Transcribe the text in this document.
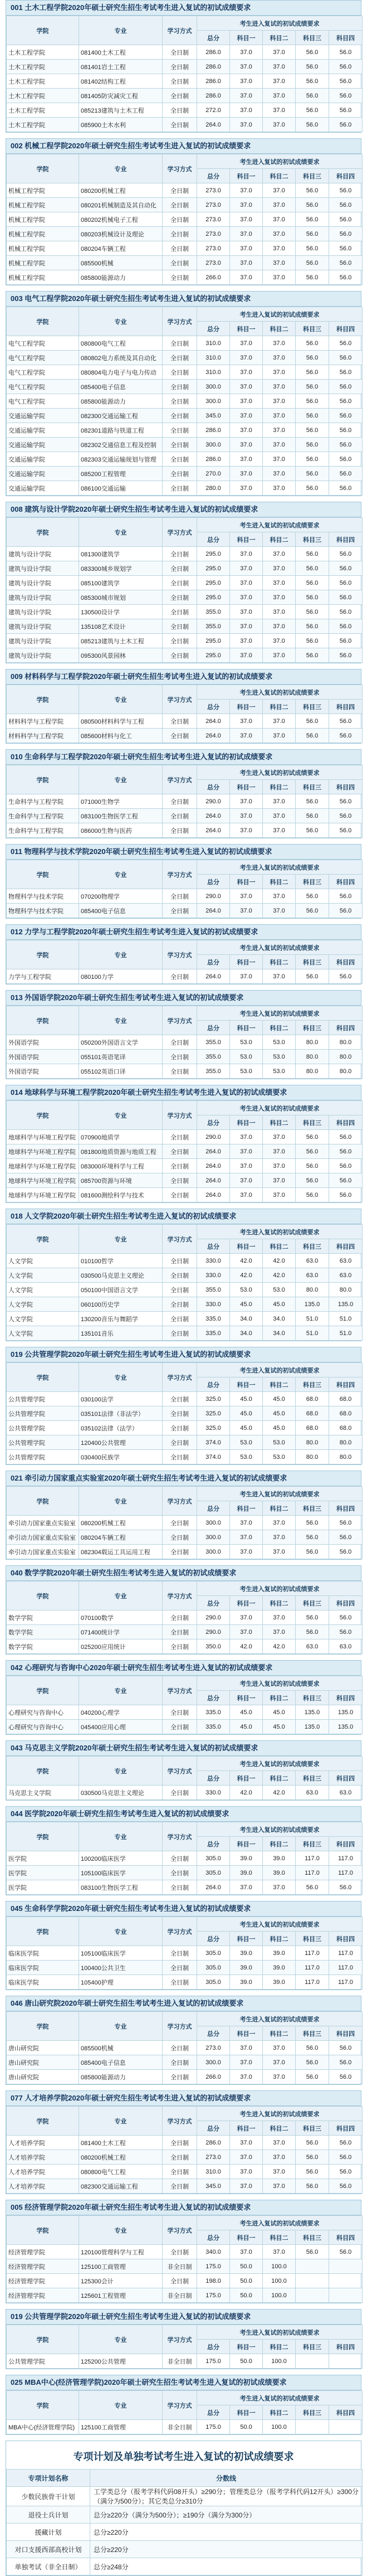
001 土木工程学院2020年硕士研究生招生考试考生进入复试的初试成绩要求
学院	专业	学习方式	考生进入复试的初试成绩要求				
			总分	科目一	科目二	科目三	科目四
土木工程学院	081400土木工程	全日制	286.0	37.0	37.0	56.0	56.0
土木工程学院	081401岩土工程	全日制	286.0	37.0	37.0	56.0	56.0
土木工程学院	081402结构工程	全日制	286.0	37.0	37.0	56.0	56.0
土木工程学院	081405防灾减灾工程	全日制	286.0	37.0	37.0	56.0	56.0
土木工程学院	085213建筑与土木工程	全日制	272.0	37.0	37.0	56.0	56.0
土木工程学院	085900土木水利	全日制	264.0	37.0	37.0	56.0	56.0
002 机械工程学院2020年硕士研究生招生考试考生进入复试的初试成绩要求
学院	专业	学习方式	考生进入复试的初试成绩要求				
			总分	科目一	科目二	科目三	科目四
机械工程学院	080200机械工程	全日制	273.0	37.0	37.0	56.0	56.0
机械工程学院	080201机械制造及其自动化	全日制	273.0	37.0	37.0	56.0	56.0
机械工程学院	080202机械电子工程	全日制	273.0	37.0	37.0	56.0	56.0
机械工程学院	080203机械设计及理论	全日制	273.0	37.0	37.0	56.0	56.0
机械工程学院	080204车辆工程	全日制	273.0	37.0	37.0	56.0	56.0
机械工程学院	085500机械	全日制	273.0	37.0	37.0	56.0	56.0
机械工程学院	085800能源动力	全日制	266.0	37.0	37.0	56.0	56.0
003 电气工程学院2020年硕士研究生招生考试考生进入复试的初试成绩要求
学院	专业	学习方式	考生进入复试的初试成绩要求				
			总分	科目一	科目二	科目三	科目四
电气工程学院	080800电气工程	全日制	310.0	37.0	37.0	56.0	56.0
电气工程学院	080802电力系统及其自动化	全日制	310.0	37.0	37.0	56.0	56.0
电气工程学院	080804电力电子与电力传动	全日制	310.0	37.0	37.0	56.0	56.0
电气工程学院	085400电子信息	全日制	300.0	37.0	37.0	56.0	56.0
电气工程学院	085800能源动力	全日制	300.0	37.0	37.0	56.0	56.0
交通运输学院	082300交通运输工程	全日制	345.0	37.0	37.0	56.0	56.0
交通运输学院	082301道路与铁道工程	全日制	286.0	37.0	37.0	56.0	56.0
交通运输学院	082302交通信息工程及控制	全日制	300.0	37.0	37.0	56.0	56.0
交通运输学院	082303交通运输规划与管理	全日制	286.0	37.0	37.0	56.0	56.0
交通运输学院	085200工程管理	全日制	270.0	37.0	37.0	56.0	56.0
交通运输学院	086100交通运输	全日制	280.0	37.0	37.0	56.0	56.0
008 建筑与设计学院2020年硕士研究生招生考试考生进入复试的初试成绩要求
学院	专业	学习方式	考生进入复试的初试成绩要求				
			总分	科目一	科目二	科目三	科目四
建筑与设计学院	081300建筑学	全日制	295.0	37.0	37.0	56.0	56.0
建筑与设计学院	083300城乡规划学	全日制	295.0	37.0	37.0	56.0	56.0
建筑与设计学院	085100建筑学	全日制	295.0	37.0	37.0	56.0	56.0
建筑与设计学院	085300城市规划	全日制	295.0	37.0	37.0	56.0	56.0
建筑与设计学院	130500设计学	全日制	355.0	37.0	37.0	56.0	56.0
建筑与设计学院	135108艺术设计	全日制	355.0	37.0	37.0	56.0	56.0
建筑与设计学院	085213建筑与土木工程	全日制	295.0	37.0	37.0	56.0	56.0
建筑与设计学院	095300风景园林	全日制	295.0	37.0	37.0	56.0	56.0
009 材料科学与工程学院2020年硕士研究生招生考试考生进入复试的初试成绩要求
学院	专业	学习方式	考生进入复试的初试成绩要求				
			总分	科目一	科目二	科目三	科目四
材料科学与工程学院	080500材料科学与工程	全日制	264.0	37.0	37.0	56.0	56.0
材料科学与工程学院	085600材料与化工	全日制	264.0	37.0	37.0	56.0	56.0
010 生命科学与工程学院2020年硕士研究生招生考试考生进入复试的初试成绩要求
学院	专业	学习方式	考生进入复试的初试成绩要求				
			总分	科目一	科目二	科目三	科目四
生命科学与工程学院	071000生物学	全日制	290.0	37.0	37.0	56.0	56.0
生命科学与工程学院	083100生物医学工程	全日制	264.0	37.0	37.0	56.0	56.0
生命科学与工程学院	086000生物与医药	全日制	264.0	37.0	37.0	56.0	56.0
011 物理科学与技术学院2020年硕士研究生招生考试考生进入复试的初试成绩要求
学院	专业	学习方式	考生进入复试的初试成绩要求				
			总分	科目一	科目二	科目三	科目四
物理科学与技术学院	070200物理学	全日制	290.0	37.0	37.0	56.0	56.0
物理科学与技术学院	085400电子信息	全日制	264.0	37.0	37.0	56.0	56.0
012 力学与工程学院2020年硕士研究生招生考试考生进入复试的初试成绩要求
学院	专业	学习方式	考生进入复试的初试成绩要求				
			总分	科目一	科目二	科目三	科目四
力学与工程学院	080100力学	全日制	264.0	37.0	37.0	56.0	56.0
013 外国语学院2020年硕士研究生招生考试考生进入复试的初试成绩要求
学院	专业	学习方式	考生进入复试的初试成绩要求				
			总分	科目一	科目二	科目三	科目四
外国语学院	050200外国语言文学	全日制	355.0	53.0	53.0	80.0	80.0
外国语学院	055101英语笔译	全日制	355.0	53.0	53.0	80.0	80.0
外国语学院	055102英语口译	全日制	355.0	53.0	53.0	80.0	80.0
014 地球科学与环境工程学院2020年硕士研究生招生考试考生进入复试的初试成绩要求
学院	专业	学习方式	考生进入复试的初试成绩要求				
			总分	科目一	科目二	科目三	科目四
地球科学与环境工程学院	070900地质学	全日制	290.0	37.0	37.0	56.0	56.0
地球科学与环境工程学院	081800地质资源与地质工程	全日制	264.0	37.0	37.0	56.0	56.0
地球科学与环境工程学院	083000环境科学与工程	全日制	264.0	37.0	37.0	56.0	56.0
地球科学与环境工程学院	085700资源与环境	全日制	264.0	37.0	37.0	56.0	56.0
地球科学与环境工程学院	081600测绘科学与技术	全日制	264.0	37.0	37.0	56.0	56.0
018 人文学院2020年硕士研究生招生考试考生进入复试的初试成绩要求
学院	专业	学习方式	考生进入复试的初试成绩要求				
			总分	科目一	科目二	科目三	科目四
人文学院	010100哲学	全日制	330.0	42.0	42.0	63.0	63.0
人文学院	030500马克思主义理论	全日制	330.0	42.0	42.0	63.0	63.0
人文学院	050100中国语言文学	全日制	355.0	53.0	53.0	80.0	80.0
人文学院	060100历史学	全日制	330.0	45.0	45.0	135.0	135.0
人文学院	130200音乐与舞蹈学	全日制	335.0	34.0	34.0	51.0	51.0
人文学院	135101音乐	全日制	335.0	34.0	34.0	51.0	51.0
019 公共管理学院2020年硕士研究生招生考试考生进入复试的初试成绩要求
学院	专业	学习方式	考生进入复试的初试成绩要求				
			总分	科目一	科目二	科目三	科目四
公共管理学院	030100法学	全日制	325.0	45.0	45.0	68.0	68.0
公共管理学院	035101法律（非法学）	全日制	325.0	45.0	45.0	68.0	68.0
公共管理学院	035102法律（法学）	全日制	325.0	45.0	45.0	68.0	68.0
公共管理学院	120400公共管理	全日制	374.0	53.0	53.0	80.0	80.0
公共管理学院	030400民族学	全日制	374.0	53.0	53.0	80.0	80.0
021 牵引动力国家重点实验室2020年硕士研究生招生考试考生进入复试的初试成绩要求
学院	专业	学习方式	考生进入复试的初试成绩要求				
			总分	科目一	科目二	科目三	科目四
牵引动力国家重点实验室	080200机械工程	全日制	300.0	37.0	37.0	56.0	56.0
牵引动力国家重点实验室	080204车辆工程	全日制	300.0	37.0	37.0	56.0	56.0
牵引动力国家重点实验室	082304载运工具运用工程	全日制	300.0	37.0	37.0	56.0	56.0
040 数学学院2020年硕士研究生招生考试考生进入复试的初试成绩要求
学院	专业	学习方式	考生进入复试的初试成绩要求				
			总分	科目一	科目二	科目三	科目四
数学学院	070100数学	全日制	290.0	37.0	37.0	56.0	56.0
数学学院	071400统计学	全日制	290.0	37.0	37.0	56.0	56.0
数学学院	025200应用统计	全日制	350.0	42.0	42.0	63.0	63.0
042 心理研究与咨询中心2020年硕士研究生招生考试考生进入复试的初试成绩要求
学院	专业	学习方式	考生进入复试的初试成绩要求				
			总分	科目一	科目二	科目三	科目四
心理研究与咨询中心	040200心理学	全日制	335.0	45.0	45.0	135.0	135.0
心理研究与咨询中心	045400应用心理	全日制	335.0	45.0	45.0	135.0	135.0
043 马克思主义学院2020年硕士研究生招生考试考生进入复试的初试成绩要求
学院	专业	学习方式	考生进入复试的初试成绩要求				
			总分	科目一	科目二	科目三	科目四
马克思主义学院	030500马克思主义理论	全日制	330.0	42.0	42.0	63.0	63.0
044 医学院2020年硕士研究生招生考试考生进入复试的初试成绩要求
学院	专业	学习方式	考生进入复试的初试成绩要求				
			总分	科目一	科目二	科目三	科目四
医学院	100200临床医学	全日制	305.0	39.0	39.0	117.0	117.0
医学院	105100临床医学	全日制	305.0	39.0	39.0	117.0	117.0
医学院	083100生物医学工程	全日制	264.0	37.0	37.0	56.0	56.0
045 生命科学学院2020年硕士研究生招生考试考生进入复试的初试成绩要求
学院	专业	学习方式	考生进入复试的初试成绩要求				
			总分	科目一	科目二	科目三	科目四
临床医学院	105100临床医学	全日制	305.0	39.0	39.0	117.0	117.0
临床医学院	100400公共卫生	全日制	305.0	39.0	39.0	117.0	117.0
临床医学院	105400护理	全日制	305.0	39.0	39.0	117.0	117.0
046 唐山研究院2020年硕士研究生招生考试考生进入复试的初试成绩要求
学院	专业	学习方式	考生进入复试的初试成绩要求				
			总分	科目一	科目二	科目三	科目四
唐山研究院	085500机械	全日制	273.0	37.0	37.0	56.0	56.0
唐山研究院	085400电子信息	全日制	300.0	37.0	37.0	56.0	56.0
唐山研究院	085800能源动力	全日制	266.0	37.0	37.0	56.0	56.0
077 人才培养学院2020年硕士研究生招生考试考生进入复试的初试成绩要求
学院	专业	学习方式	考生进入复试的初试成绩要求				
			总分	科目一	科目二	科目三	科目四
人才培养学院	081400土木工程	全日制	286.0	37.0	37.0	56.0	56.0
人才培养学院	080200机械工程	全日制	273.0	37.0	37.0	56.0	56.0
人才培养学院	080800电气工程	全日制	310.0	37.0	37.0	56.0	56.0
人才培养学院	082300交通运输工程	全日制	345.0	37.0	37.0	56.0	56.0
005 经济管理学院2020年硕士研究生招生考试考生进入复试的初试成绩要求
学院	专业	学习方式	考生进入复试的初试成绩要求				
			总分	科目一	科目二	科目三	科目四
经济管理学院	120100管理科学与工程	全日制	340.0	37.0	37.0	56.0	56.0
经济管理学院	125100工商管理	非全日制	175.0	50.0	100.0		
经济管理学院	125300会计	全日制	198.0	50.0	100.0		
经济管理学院	125601工程管理	非全日制	175.0	50.0	100.0		
019 公共管理学院2020年硕士研究生招生考试考生进入复试的初试成绩要求
学院	专业	学习方式	考生进入复试的初试成绩要求				
			总分	科目一	科目二	科目三	科目四
公共管理学院	125200公共管理	非全日制	175.0	50.0	100.0		
025 MBA中心(经济管理学院)2020年硕士研究生招生考试考生进入复试的初试成绩要求
学院	专业	学习方式	考生进入复试的初试成绩要求				
			总分	科目一	科目二	科目三	科目四
MBA中心(经济管理学院)	125100工商管理	非全日制	175.0	50.0	100.0		
专项计划及单独考试考生进入复试的初试成绩要求
专项计划名称	分数线
少数民族骨干计划	工学类总分（报考学科代码08开头）≥290分；管理类总分（报考学科代码12开头）≥300分（满分为500分）；其它类总分≥310分
退役士兵计划	总分≥220分（满分为500分）；≥190分（满分为300分）
援藏计划	总分≥220分
对口支援西部高校计划	总分≥220分
单独考试（非全日制）	总分≥248分
